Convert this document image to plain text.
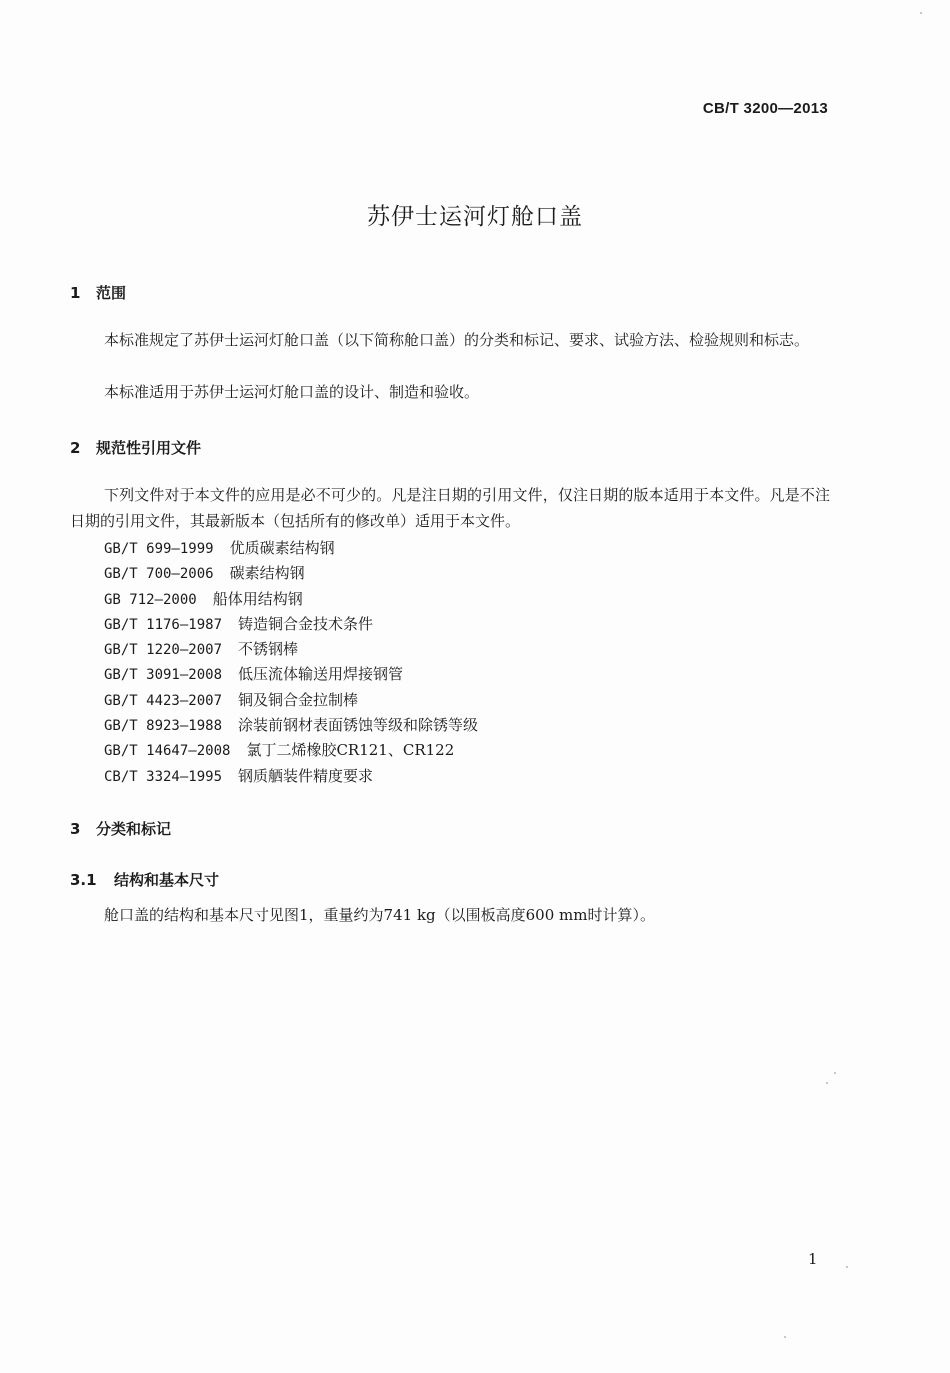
CB/T 3200—2013
苏伊士运河灯舱口盖
1 范围
本标准规定了苏伊士运河灯舱口盖（以下简称舱口盖）的分类和标记、要求、试验方法、检验规则和标志。
本标准适用于苏伊士运河灯舱口盖的设计、制造和验收。
2 规范性引用文件
下列文件对于本文件的应用是必不可少的。凡是注日期的引用文件，仅注日期的版本适用于本文件。凡是不注日期的引用文件，其最新版本（包括所有的修改单）适用于本文件。
GB/T 699—1999 优质碳素结构钢
GB/T 700—2006 碳素结构钢
GB 712—2000 船体用结构钢
GB/T 1176—1987 铸造铜合金技术条件
GB/T 1220—2007 不锈钢棒
GB/T 3091—2008 低压流体输送用焊接钢管
GB/T 4423—2007 铜及铜合金拉制棒
GB/T 8923—1988 涂装前钢材表面锈蚀等级和除锈等级
GB/T 14647—2008 氯丁二烯橡胶CR121、CR122
CB/T 3324—1995 钢质舾装件精度要求
3 分类和标记
3.1 结构和基本尺寸
舱口盖的结构和基本尺寸见图1，重量约为741 kg（以围板高度600 mm时计算）。
1
